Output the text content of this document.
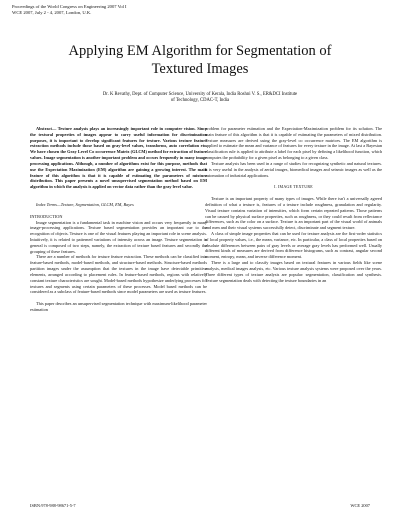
Proceedings of the World Congress on Engineering 2007 Vol I
WCE 2007, July 2 - 4, 2007, London, U.K.
Applying EM Algorithm for Segmentation of
Textured Images
Dr. K Revathy, Dept. of Computer Science, University of Kerala, India Roshni V. S., ER&DCI Institute
of Technology, CDAC-T, India

Abstract— Texture analysis plays an increasingly important role in computer vision. Since the textural properties of images appear to carry useful information for discrimination purposes, it is important to develop significant features for texture. Various texture feature extraction methods include those based on gray-level values, transforms, auto correlation etc. We have chosen the Gray Level Co occurrence Matrix (GLCM) method for extraction of feature values. Image segmentation is another important problem and occurs frequently in many image processing applications. Although, a number of algorithms exist for this purpose, methods that use the Expectation Maximization (EM) algorithm are gaining a growing interest. The main feature of this algorithm is that it is capable of estimating the parameters of mixture distribution. This paper presents a novel unsupervised segmentation method based on EM algorithm in which the analysis is applied on vector data rather than the gray level value.

Index Terms—Texture, Segmentation, GLCM, EM, Bayes

INTRODUCTION

Image segmentation is a fundamental task in machine vision and occurs very frequently in many image-processing applications. Texture based segmentation provides an important cue to the recognition of objects. Texture is one of the visual features playing an important role in scene analysis. Intuitively, it is related to patterned variations of intensity across an image. Texture segmentation in general is composed of two steps, namely, the extraction of texture based features and secondly the grouping of these features.

There are a number of methods for texture feature extraction. These methods can be classified into feature-based methods, model-based methods, and structure-based methods. Structure-based methods partition images under the assumption that the textures in the image have detectable primitive elements, arranged according to placement rules. In feature-based methods, regions with relatively constant texture characteristics are sought. Model-based methods hypothesize underlying processes for textures and segments using certain parameters of these processes. Model based methods can be considered as a subclass of feature-based methods since model parameters are used as texture features.

This paper describes an unsupervised segmentation technique with maximum-likelihood parameter estimation

problem for parameter estimation and the Expectation-Maximization problem for its solution. The main feature of this algorithm is that it is capable of estimating the parameters of mixed distribution. Texture measures are derived using the gray-level co occurrence matrices. The EM algorithm is applied to estimate the mean and variance of features for every texture in the image. At last a Bayesian classification rule is applied to attribute a label for each pixel by defining a likelihood function, which computes the probability for a given pixel as belonging to a given class.

Texture analysis has been used in a range of studies for recognizing synthetic and natural textures. It is very useful in the analysis of aerial images, biomedical images and seismic images as well as the automation of industrial applications.

I. IMAGE TEXTURE

Texture is an important property of many types of images. While there isn't a universally agreed definition of what a texture is, features of a texture include roughness, granulation and regularity. Visual texture contains variation of intensities, which form certain repeated patterns. Those patterns can be caused by physical surface properties, such as roughness, or they could result from reflectance differences, such as the color on a surface. Texture is an important part of the visual world of animals and men and their visual systems successfully detect, discriminate and segment texture.

A class of simple image properties that can be used for texture analysis are the first-order statistics of local property values, i.e., the mean, variance, etc. In particular, a class of local properties based on absolute differences between pairs of gray levels or average gray levels has performed well. Usually different kinds of measures are derived from difference histograms, such as contrast, angular second moment, entropy, mean, and inverse difference moment.

There is a large and to classify images based on textural features in various fields like scene analysis, medical images analysis, etc. Various texture analysis systems were proposed over the years. Three different types of texture analysis are popular: segmentation, classification and synthesis. Texture segmentation deals with detecting the texture boundaries in an

ISBN:978-988-98671-5-7	WCE 2007
